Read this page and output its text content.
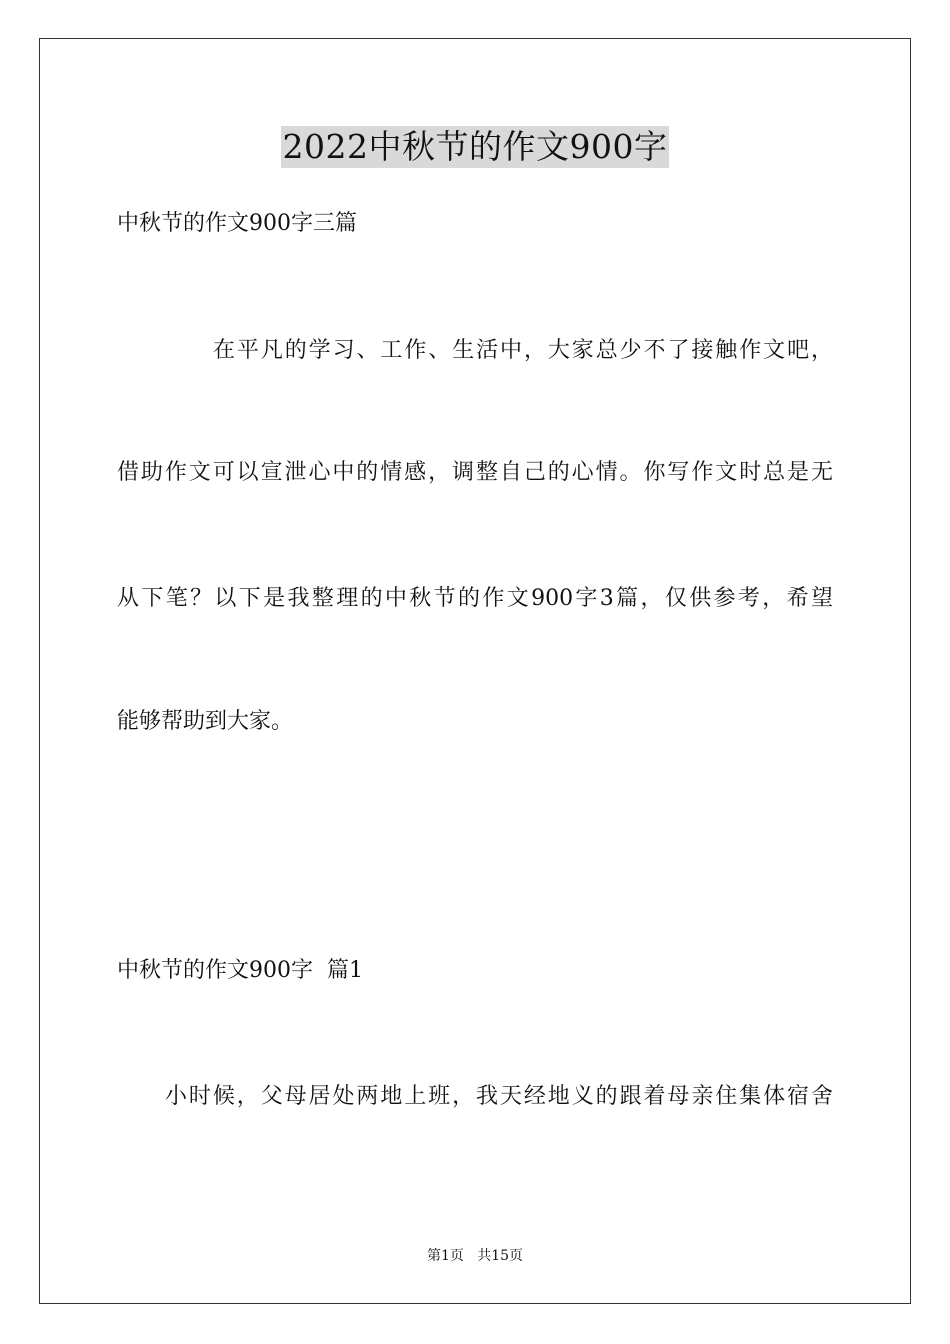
2022中秋节的作文900字
中秋节的作文900字三篇
在平凡的学习、工作、生活中，大家总少不了接触作文吧，
借助作文可以宣泄心中的情感，调整自己的心情。你写作文时总是无
从下笔？以下是我整理的中秋节的作文900字3篇，仅供参考，希望
能够帮助到大家。
中秋节的作文900字  篇1
小时候，父母居处两地上班，我天经地义的跟着母亲住集体宿舍
第1页   共15页
